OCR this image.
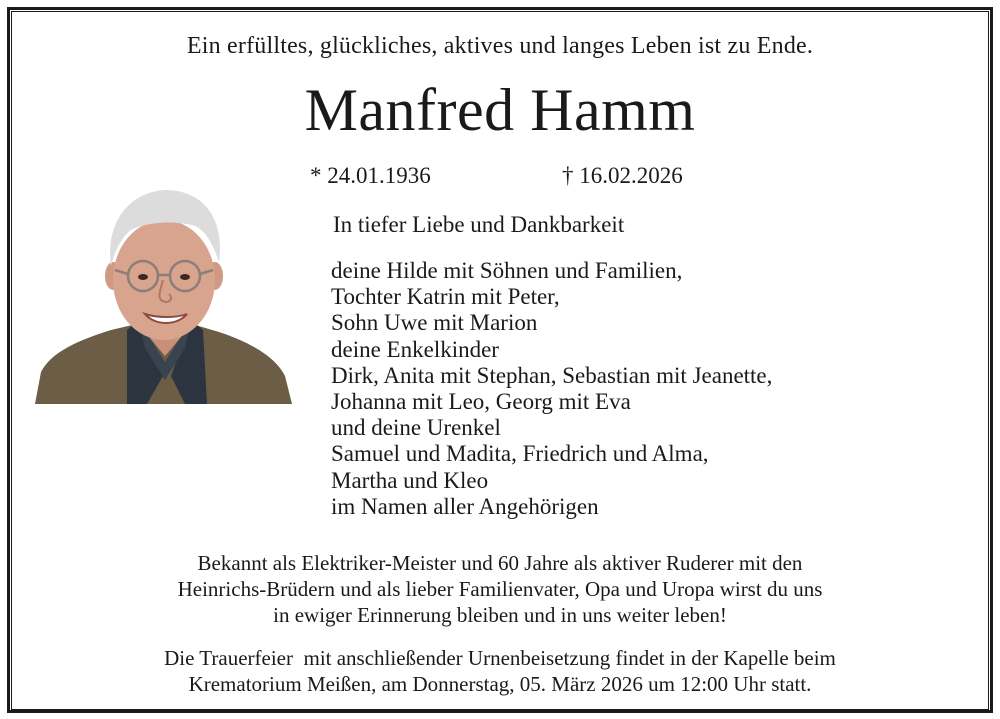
Ein erfülltes, glückliches, aktives und langes Leben ist zu Ende.
Manfred Hamm
* 24.01.1936	† 16.02.2026
In tiefer Liebe und Dankbarkeit
deine Hilde mit Söhnen und Familien,
Tochter Katrin mit Peter,
Sohn Uwe mit Marion
deine Enkelkinder
Dirk, Anita mit Stephan, Sebastian mit Jeanette,
Johanna mit Leo, Georg mit Eva
und deine Urenkel
Samuel und Madita, Friedrich und Alma,
Martha und Kleo
im Namen aller Angehörigen
Bekannt als Elektriker-Meister und 60 Jahre als aktiver Ruderer mit den
Heinrichs-Brüdern und als lieber Familienvater, Opa und Uropa wirst du uns
in ewiger Erinnerung bleiben und in uns weiter leben!
Die Trauerfeier  mit anschließender Urnenbeisetzung findet in der Kapelle beim
Krematorium Meißen, am Donnerstag, 05. März 2026 um 12:00 Uhr statt.
